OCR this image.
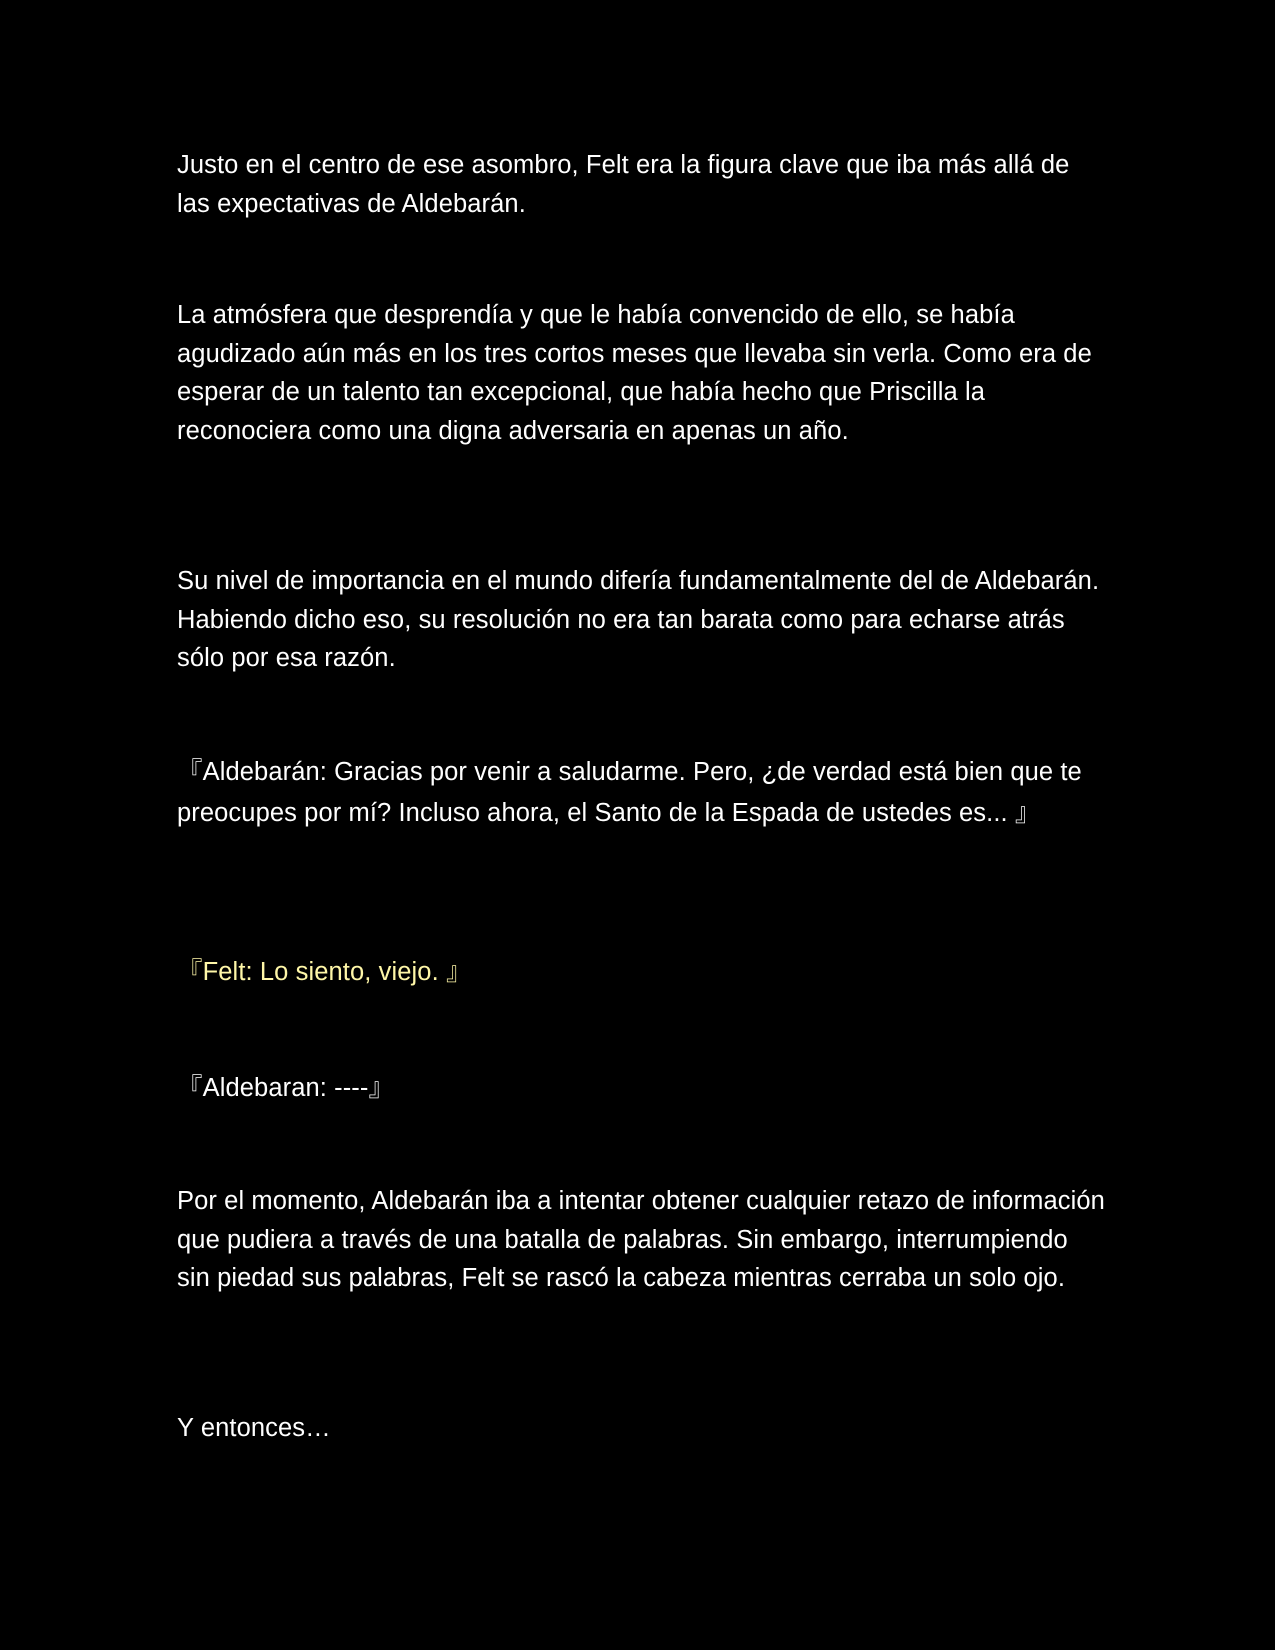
Justo en el centro de ese asombro, Felt era la figura clave que iba más allá de las expectativas de Aldebarán.

La atmósfera que desprendía y que le había convencido de ello, se había agudizado aún más en los tres cortos meses que llevaba sin verla. Como era de esperar de un talento tan excepcional, que había hecho que Priscilla la reconociera como una digna adversaria en apenas un año.

Su nivel de importancia en el mundo difería fundamentalmente del de Aldebarán. Habiendo dicho eso, su resolución no era tan barata como para echarse atrás sólo por esa razón.

『Aldebarán: Gracias por venir a saludarme. Pero, ¿de verdad está bien que te preocupes por mí? Incluso ahora, el Santo de la Espada de ustedes es... 』

『Felt: Lo siento, viejo. 』

『Aldebaran: ----』

Por el momento, Aldebarán iba a intentar obtener cualquier retazo de información que pudiera a través de una batalla de palabras. Sin embargo, interrumpiendo sin piedad sus palabras, Felt se rascó la cabeza mientras cerraba un solo ojo.

Y entonces…
